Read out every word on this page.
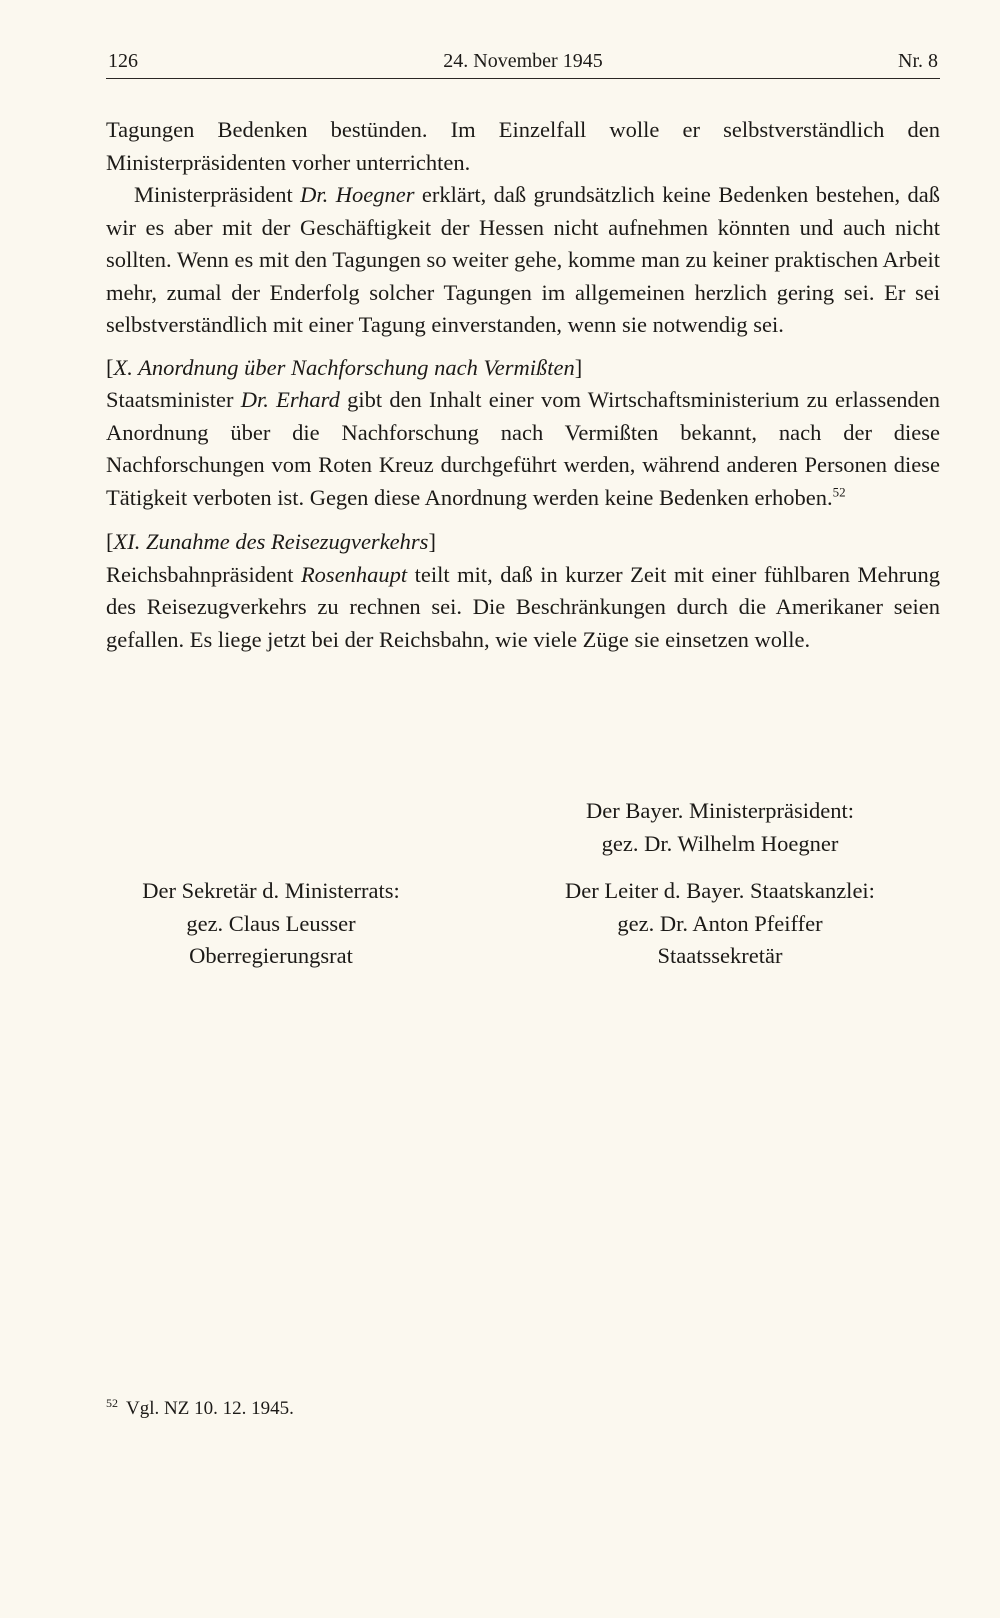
126	24. November 1945	Nr. 8

Tagungen Bedenken bestünden. Im Einzelfall wolle er selbstverständlich den Ministerpräsidenten vorher unterrichten.

Ministerpräsident Dr. Hoegner erklärt, daß grundsätzlich keine Bedenken bestehen, daß wir es aber mit der Geschäftigkeit der Hessen nicht aufnehmen könnten und auch nicht sollten. Wenn es mit den Tagungen so weiter gehe, komme man zu keiner praktischen Arbeit mehr, zumal der Enderfolg solcher Tagungen im allgemeinen herzlich gering sei. Er sei selbstverständlich mit einer Tagung einverstanden, wenn sie notwendig sei.

[X. Anordnung über Nachforschung nach Vermißten]

Staatsminister Dr. Erhard gibt den Inhalt einer vom Wirtschaftsministerium zu erlassenden Anordnung über die Nachforschung nach Vermißten bekannt, nach der diese Nachforschungen vom Roten Kreuz durchgeführt werden, während anderen Personen diese Tätigkeit verboten ist. Gegen diese Anordnung werden keine Bedenken erhoben.$^{52}$

[XI. Zunahme des Reisezugverkehrs]

Reichsbahnpräsident Rosenhaupt teilt mit, daß in kurzer Zeit mit einer fühlbaren Mehrung des Reisezugverkehrs zu rechnen sei. Die Beschränkungen durch die Amerikaner seien gefallen. Es liege jetzt bei der Reichsbahn, wie viele Züge sie einsetzen wolle.

Der Bayer. Ministerpräsident:
gez. Dr. Wilhelm Hoegner
Der Sekretär d. Ministerrats:
gez. Claus Leusser
Oberregierungsrat
Der Leiter d. Bayer. Staatskanzlei:
gez. Dr. Anton Pfeiffer
Staatssekretär
$^{52}$ Vgl. NZ 10. 12. 1945.
